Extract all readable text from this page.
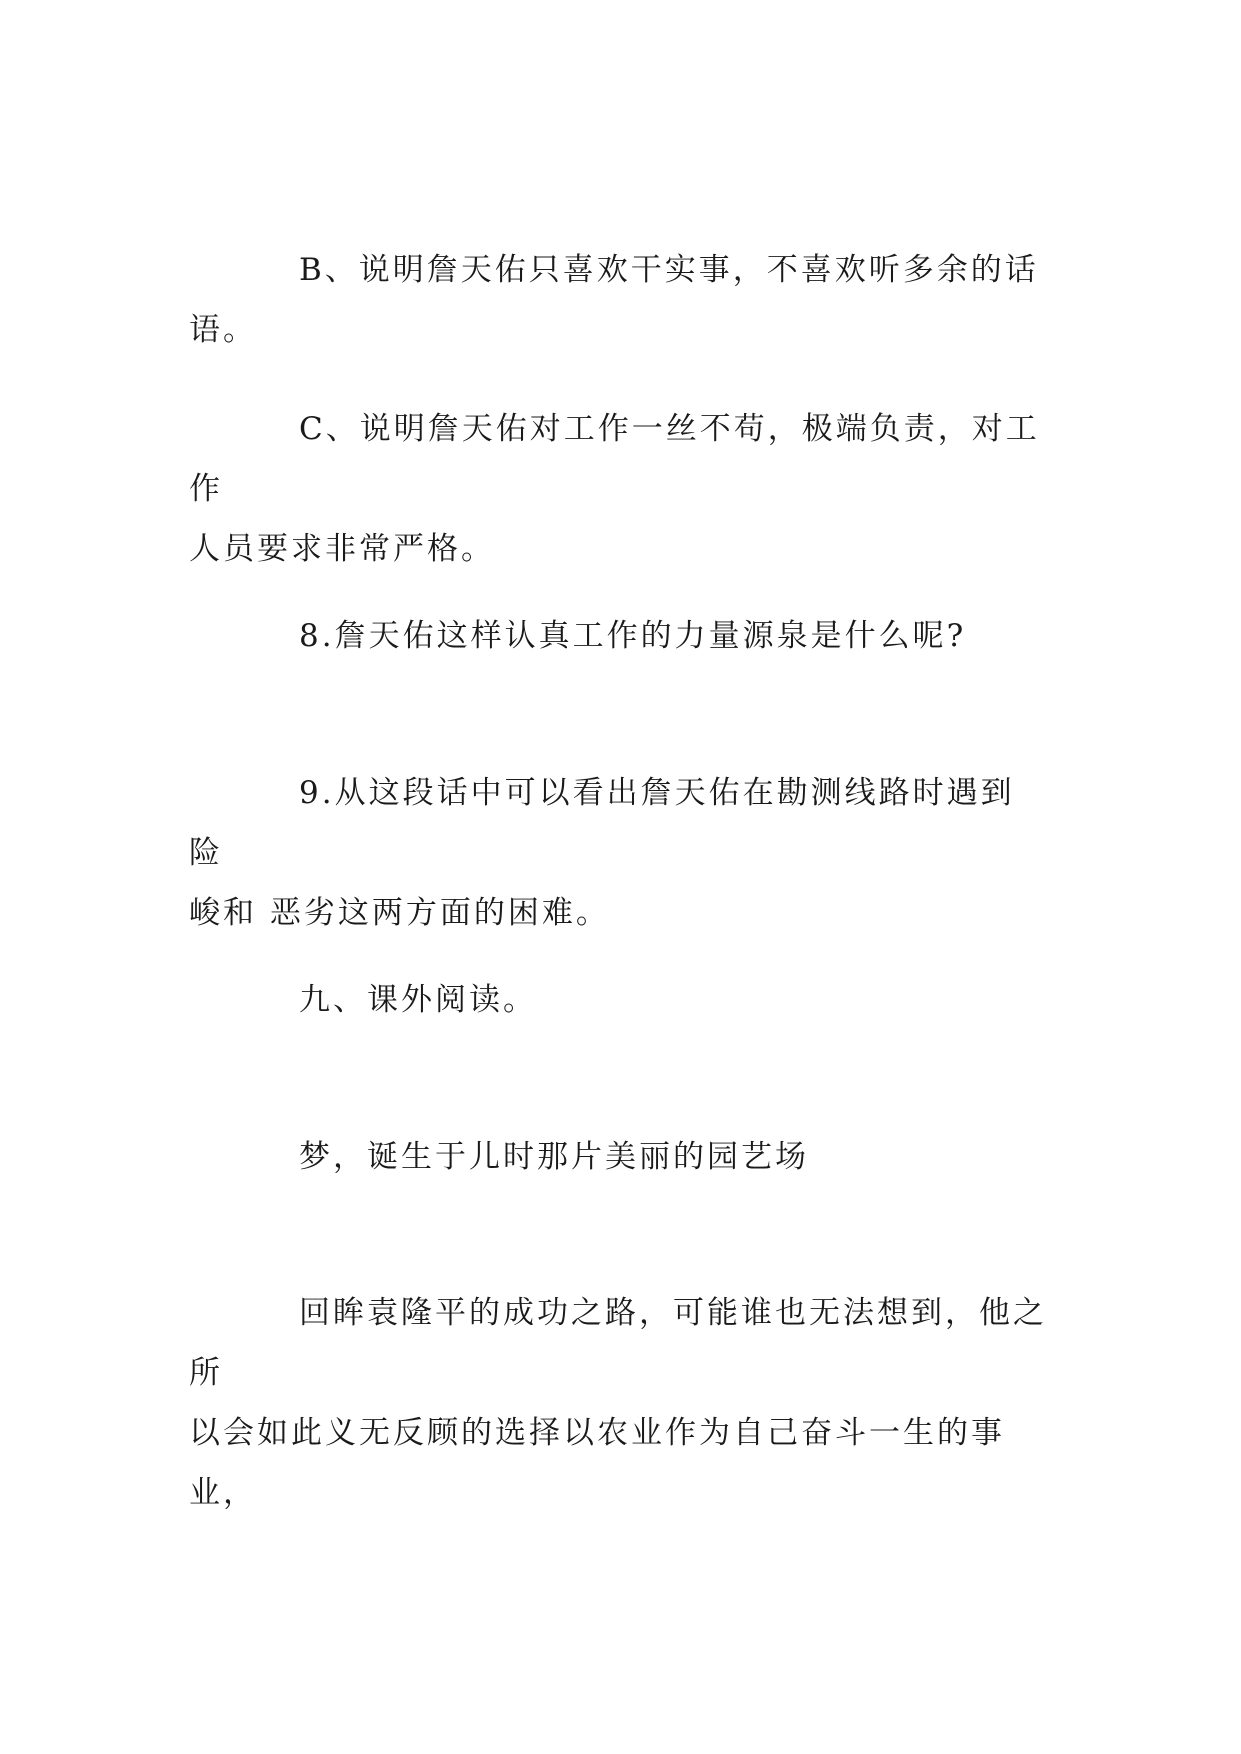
B、说明詹天佑只喜欢干实事，不喜欢听多余的话语。

C、说明詹天佑对工作一丝不苟，极端负责，对工作
人员要求非常严格。

8.詹天佑这样认真工作的力量源泉是什么呢?

9.从这段话中可以看出詹天佑在勘测线路时遇到 险
峻和 恶劣这两方面的困难。

九、课外阅读。

梦，诞生于儿时那片美丽的园艺场

回眸袁隆平的成功之路，可能谁也无法想到，他之所
以会如此义无反顾的选择以农业作为自己奋斗一生的事业，
